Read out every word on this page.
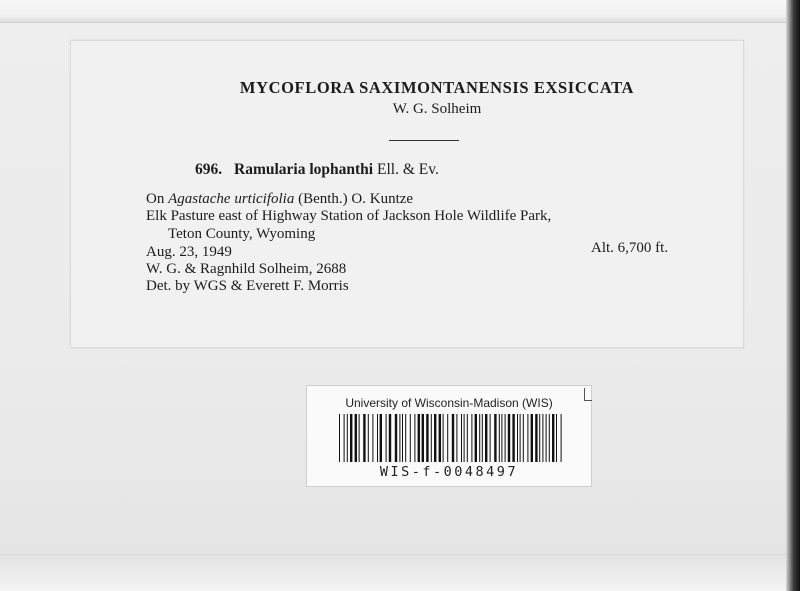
MYCOFLORA SAXIMONTANENSIS EXSICCATA
W. G. Solheim
696. Ramularia lophanthi Ell. & Ev.
On Agastache urticifolia (Benth.) O. Kuntze
Elk Pasture east of Highway Station of Jackson Hole Wildlife Park,
Teton County, Wyoming
Aug. 23, 1949	Alt. 6,700 ft.
W. G. & Ragnhild Solheim, 2688
Det. by WGS & Everett F. Morris
University of Wisconsin-Madison (WIS)
WIS-f-0048497
